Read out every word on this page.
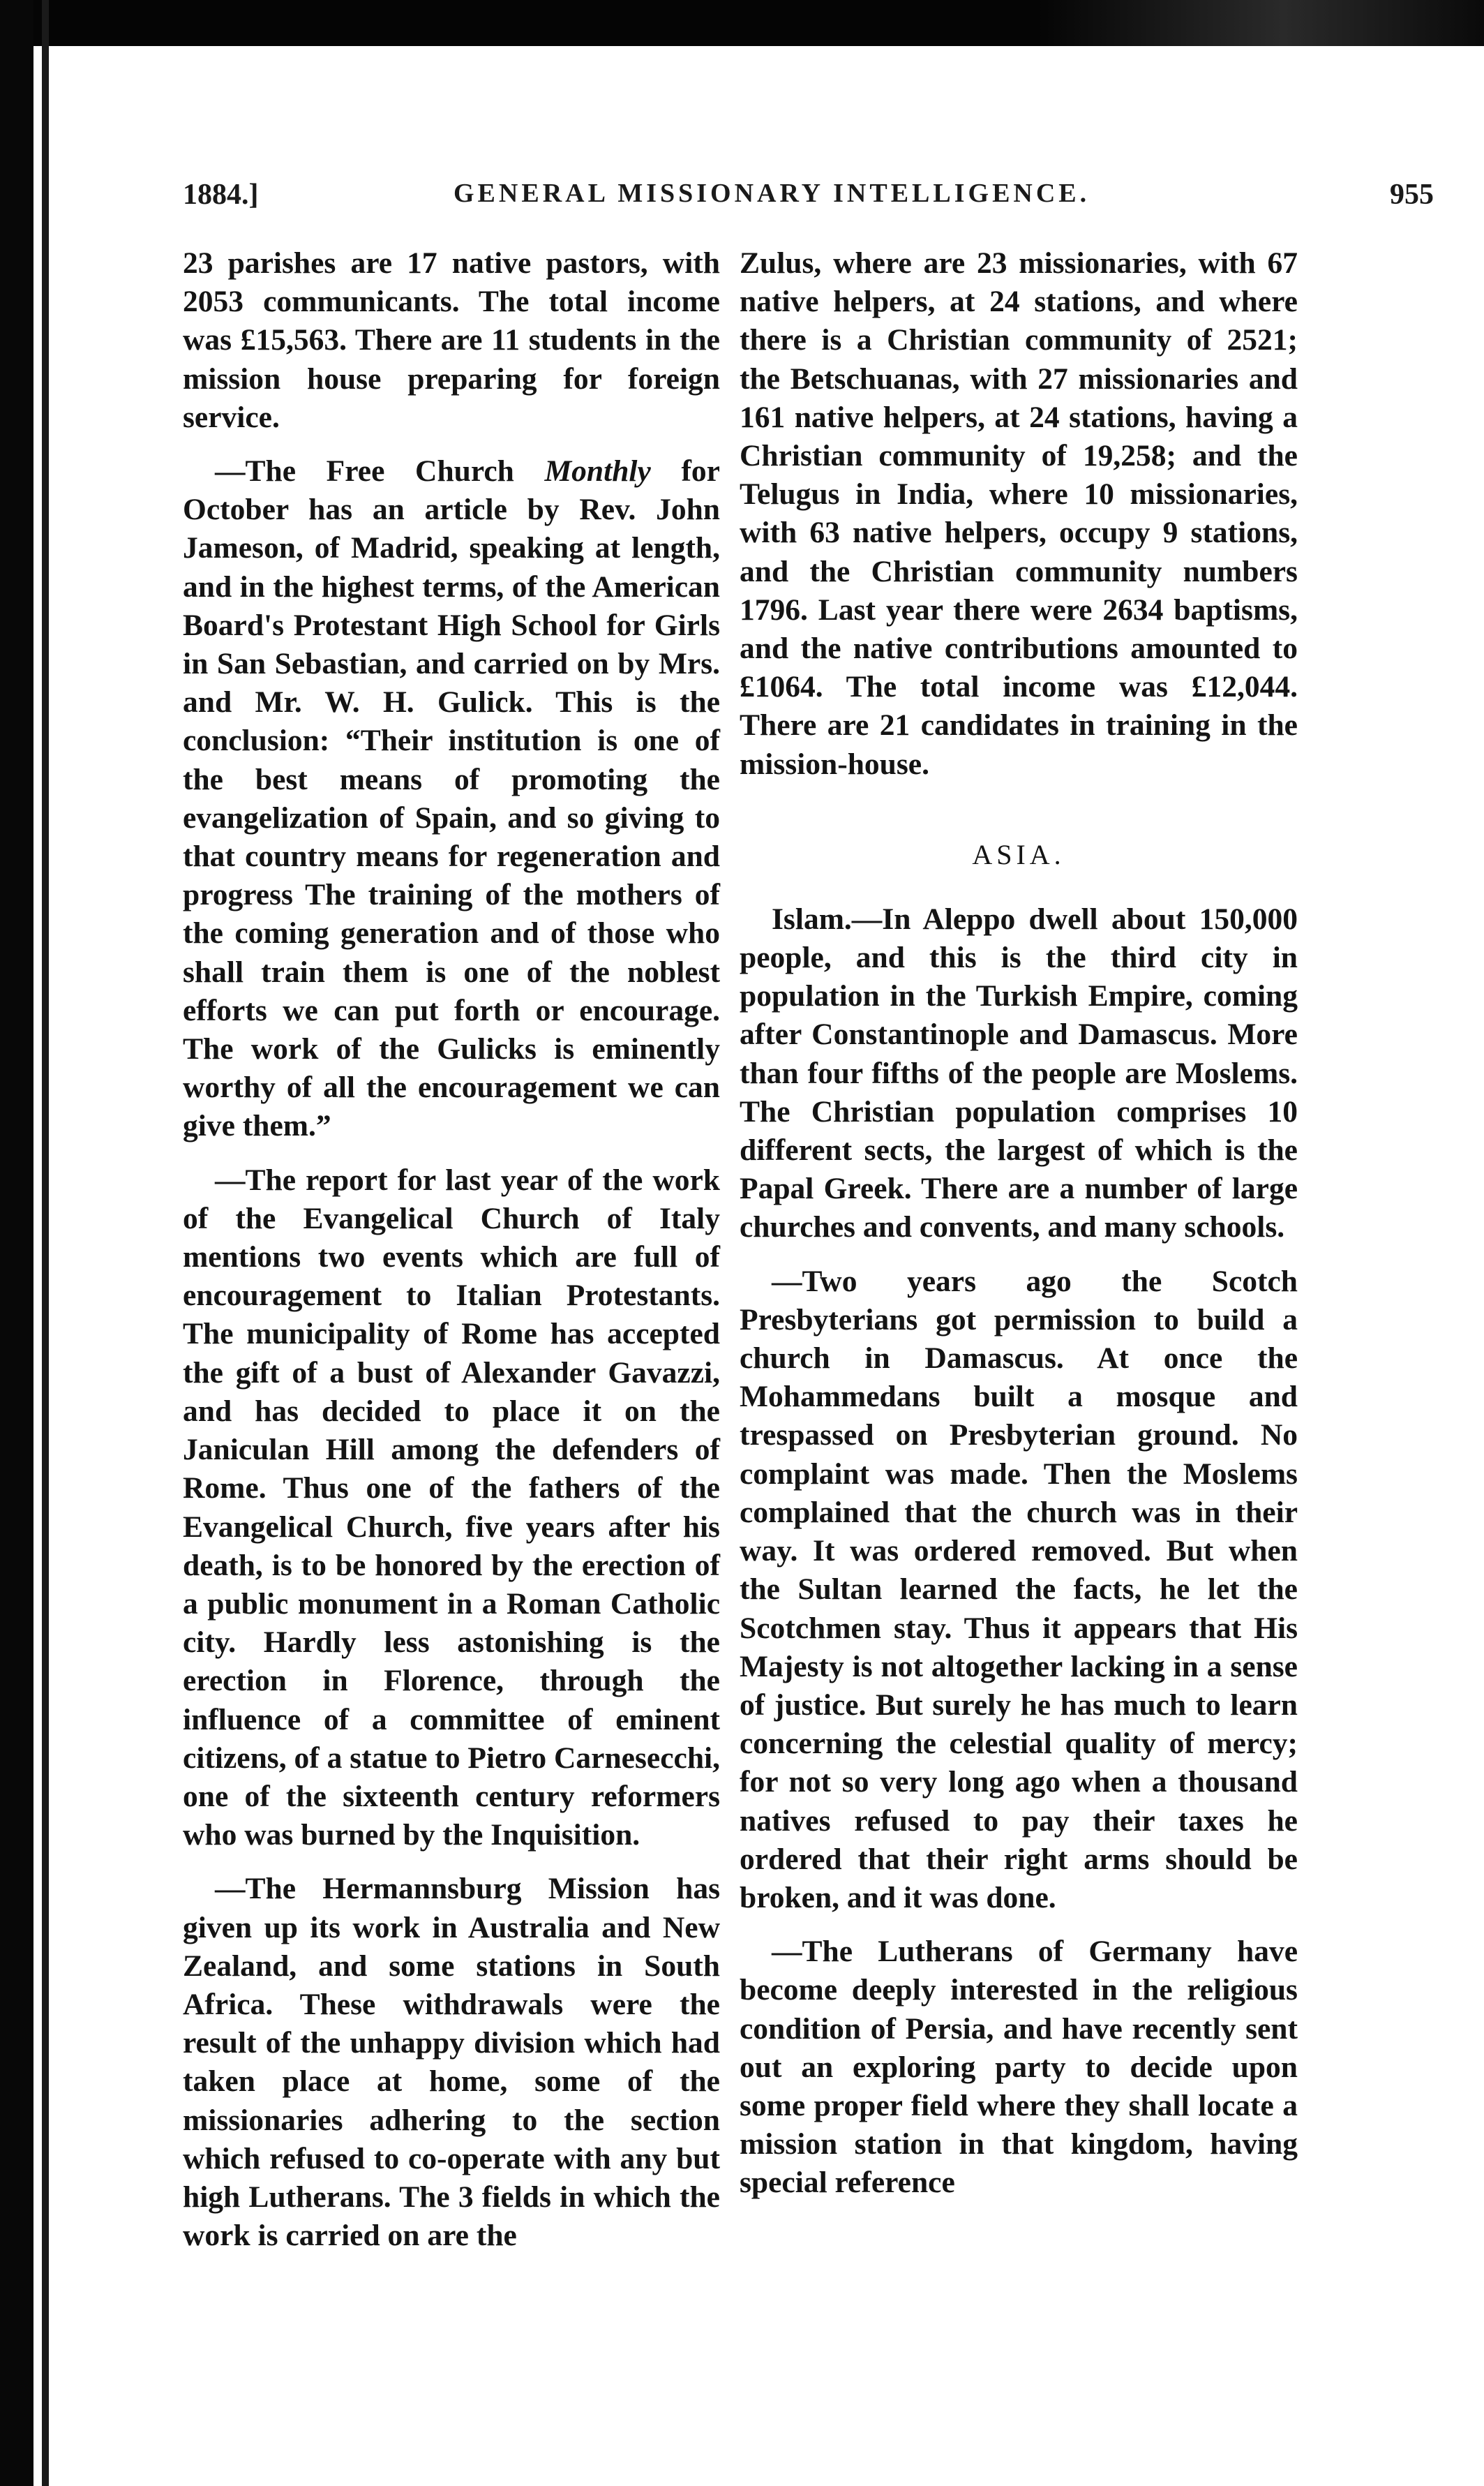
1884.]	GENERAL MISSIONARY INTELLIGENCE.	955

23 parishes are 17 native pastors, with 2053 communicants. The total income was £15,563. There are 11 students in the mission house preparing for foreign service.

—The Free Church Monthly for October has an article by Rev. John Jameson, of Madrid, speaking at length, and in the highest terms, of the American Board's Protestant High School for Girls in San Sebastian, and carried on by Mrs. and Mr. W. H. Gulick. This is the conclusion: “Their institution is one of the best means of promoting the evangelization of Spain, and so giving to that country means for regeneration and progress The training of the mothers of the coming generation and of those who shall train them is one of the noblest efforts we can put forth or encourage. The work of the Gulicks is eminently worthy of all the encouragement we can give them.”

—The report for last year of the work of the Evangelical Church of Italy mentions two events which are full of encouragement to Italian Protestants. The municipality of Rome has accepted the gift of a bust of Alexander Gavazzi, and has decided to place it on the Janiculan Hill among the defenders of Rome. Thus one of the fathers of the Evangelical Church, five years after his death, is to be honored by the erection of a public monument in a Roman Catholic city. Hardly less astonishing is the erection in Florence, through the influence of a committee of eminent citizens, of a statue to Pietro Carnesecchi, one of the sixteenth century reformers who was burned by the Inquisition.

—The Hermannsburg Mission has given up its work in Australia and New Zealand, and some stations in South Africa. These withdrawals were the result of the unhappy division which had taken place at home, some of the missionaries adhering to the section which refused to co-operate with any but high Lutherans. The 3 fields in which the work is carried on are the

Zulus, where are 23 missionaries, with 67 native helpers, at 24 stations, and where there is a Christian community of 2521; the Betschuanas, with 27 missionaries and 161 native helpers, at 24 stations, having a Christian community of 19,258; and the Telugus in India, where 10 missionaries, with 63 native helpers, occupy 9 stations, and the Christian community numbers 1796. Last year there were 2634 baptisms, and the native contributions amounted to £1064. The total income was £12,044. There are 21 candidates in training in the mission-house.

ASIA.

Islam.—In Aleppo dwell about 150,000 people, and this is the third city in population in the Turkish Empire, coming after Constantinople and Damascus. More than four fifths of the people are Moslems. The Christian population comprises 10 different sects, the largest of which is the Papal Greek. There are a number of large churches and convents, and many schools.

—Two years ago the Scotch Presbyterians got permission to build a church in Damascus. At once the Mohammedans built a mosque and trespassed on Presbyterian ground. No complaint was made. Then the Moslems complained that the church was in their way. It was ordered removed. But when the Sultan learned the facts, he let the Scotchmen stay. Thus it appears that His Majesty is not altogether lacking in a sense of justice. But surely he has much to learn concerning the celestial quality of mercy; for not so very long ago when a thousand natives refused to pay their taxes he ordered that their right arms should be broken, and it was done.

—The Lutherans of Germany have become deeply interested in the religious condition of Persia, and have recently sent out an exploring party to decide upon some proper field where they shall locate a mission station in that kingdom, having special reference
